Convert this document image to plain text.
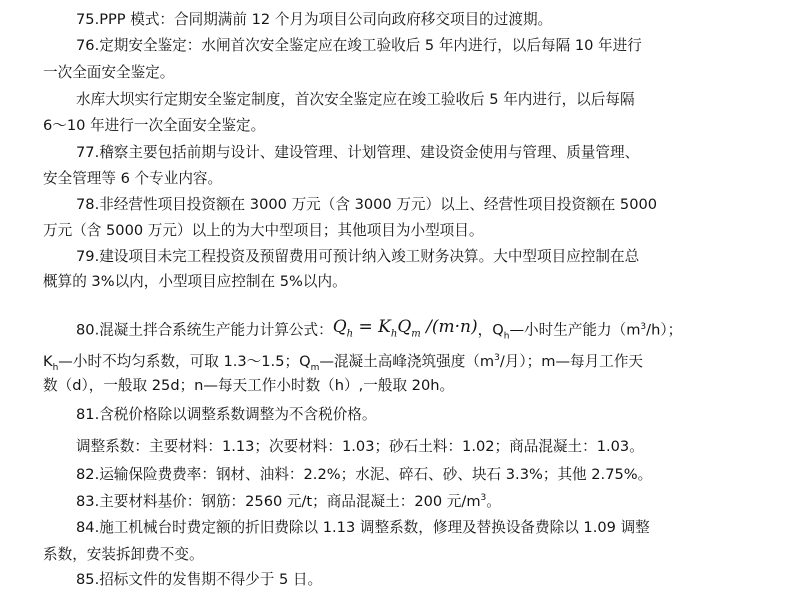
75.PPP 模式：合同期满前 12 个月为项目公司向政府移交项目的过渡期。
76.定期安全鉴定：水闸首次安全鉴定应在竣工验收后 5 年内进行，以后每隔 10 年进行
一次全面安全鉴定。
水库大坝实行定期安全鉴定制度，首次安全鉴定应在竣工验收后 5 年内进行，以后每隔
6～10 年进行一次全面安全鉴定。
77.稽察主要包括前期与设计、建设管理、计划管理、建设资金使用与管理、质量管理、
安全管理等 6 个专业内容。
78.非经营性项目投资额在 3000 万元（含 3000 万元）以上、经营性项目投资额在 5000
万元（含 5000 万元）以上的为大中型项目；其他项目为小型项目。
79.建设项目未完工程投资及预留费用可预计纳入竣工财务决算。大中型项目应控制在总
概算的 3%以内，小型项目应控制在 5%以内。
80.混凝土拌合系统生产能力计算公式：$Q_h = K_hQ_m$ /(m·n)，$Q_h—$小时生产能力$(m^3/h)$；
$K_h—$小时不均匀系数，可取 1.3～1.5；$Q_m—$混凝土高峰浇筑强度（$m^3/$月）；m—每月工作天
数（d），一般取 25d；n—每天工作小时数（h）,一般取 20h。
81.含税价格除以调整系数调整为不含税价格。
调整系数：主要材料：1.13；次要材料：1.03；砂石土料：1.02；商品混凝土：1.03。
82.运输保险费费率：钢材、油料：2.2%；水泥、碎石、砂、块石 3.3%；其他 2.75%。
83.主要材料基价：钢筋：2560 元/t；商品混凝土：200 元$/m^3$。
84.施工机械台时费定额的折旧费除以 1.13 调整系数，修理及替换设备费除以 1.09 调整
系数，安装拆卸费不变。
85.招标文件的发售期不得少于 5 日。
